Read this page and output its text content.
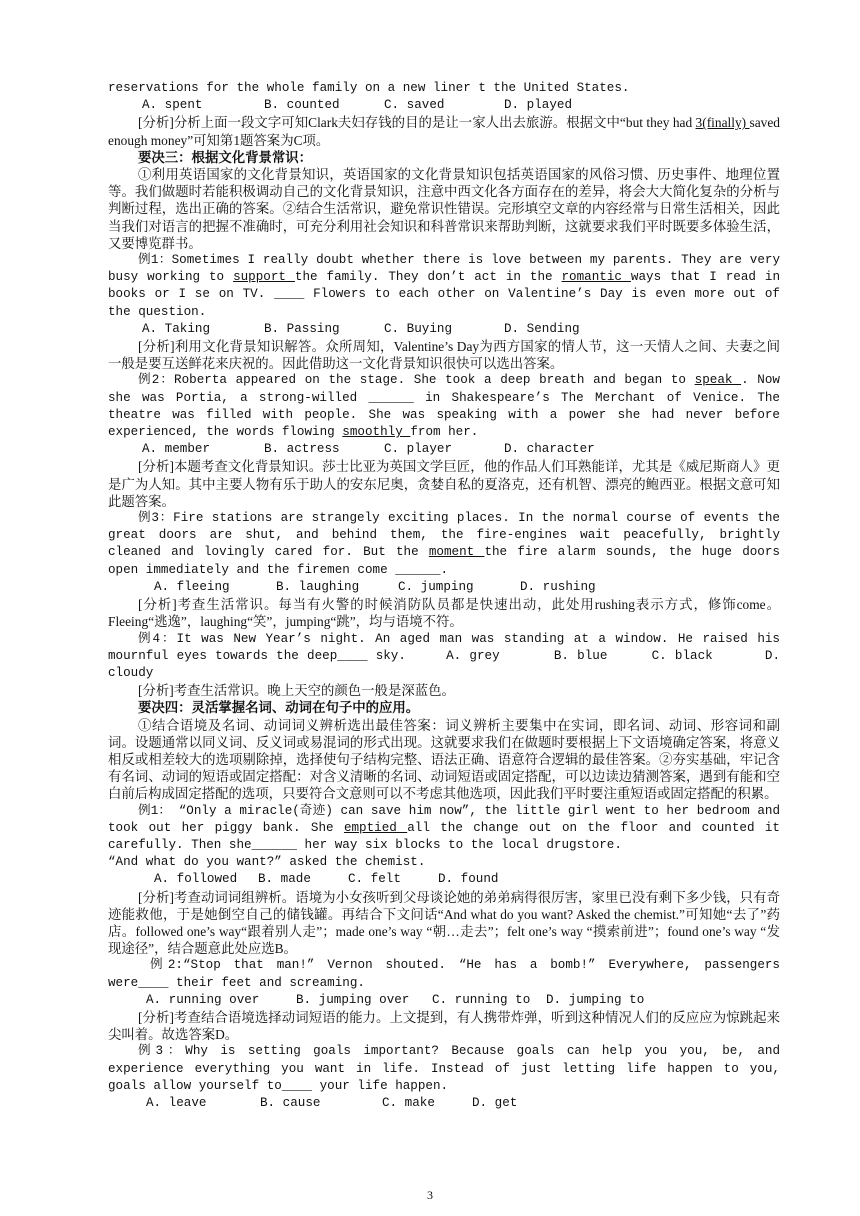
reservations for the whole family on a new liner t the United States.

A. spent	B. counted	C. saved	D. played

[分析]分析上面一段文字可知Clark夫妇存钱的目的是让一家人出去旅游。根据文中“but they had 3(finally) saved enough money”可知第1题答案为C项。

要决三：根据文化背景常识：

①利用英语国家的文化背景知识，英语国家的文化背景知识包括英语国家的风俗习惯、历史事件、地理位置等。我们做题时若能积极调动自己的文化背景知识，注意中西文化各方面存在的差异，将会大大简化复杂的分析与判断过程，选出正确的答案。②结合生活常识，避免常识性错误。完形填空文章的内容经常与日常生活相关，因此当我们对语言的把握不准确时，可充分利用社会知识和科普常识来帮助判断，这就要求我们平时既要多体验生活，又要博览群书。

例1：Sometimes I really doubt whether there is love between my parents. They are very busy working to support the family. They don’t act in the romantic ways that I read in books or I se on TV. ____ Flowers to each other on Valentine’s Day is even more out of the question.

A. Taking	B. Passing	C. Buying	D. Sending

[分析]利用文化背景知识解答。众所周知，Valentine’s Day为西方国家的情人节，这一天情人之间、夫妻之间一般是要互送鲜花来庆祝的。因此借助这一文化背景知识很快可以选出答案。

例2：Roberta appeared on the stage. She took a deep breath and began to speak . Now she was Portia, a strong-willed ______ in Shakespeare’s The Merchant of Venice. The theatre was filled with people. She was speaking with a power she had never before experienced, the words flowing smoothly from her.

A. member	B. actress	C. player	D. character

[分析]本题考查文化背景知识。莎士比亚为英国文学巨匠，他的作品人们耳熟能详，尤其是《威尼斯商人》更是广为人知。其中主要人物有乐于助人的安东尼奥，贪婪自私的夏洛克，还有机智、漂亮的鲍西亚。根据文意可知此题答案。

例3：Fire stations are strangely exciting places. In the normal course of events the great doors are shut, and behind them, the fire-engines wait peacefully, brightly cleaned and lovingly cared for. But the moment the fire alarm sounds, the huge doors open immediately and the firemen come ______.

A. fleeing	B. laughing	C. jumping	D. rushing

[分析]考查生活常识。每当有火警的时候消防队员都是快速出动，此处用rushing表示方式，修饰come。Fleeing“逃逸”，laughing“笑”，jumping“跳”，均与语境不符。

例4：It was New Year’s night. An aged man was standing at a window. He raised his mournful eyes towards the deep____ sky.	A. grey	B. blue	C. black	D. cloudy

[分析]考查生活常识。晚上天空的颜色一般是深蓝色。

要决四：灵活掌握名词、动词在句子中的应用。

①结合语境及名词、动词词义辨析选出最佳答案：词义辨析主要集中在实词，即名词、动词、形容词和副词。设题通常以同义词、反义词或易混词的形式出现。这就要求我们在做题时要根据上下文语境确定答案，将意义相反或相差较大的选项剔除掉，选择使句子结构完整、语法正确、语意符合逻辑的最佳答案。②夯实基础，牢记含有名词、动词的短语或固定搭配：对含义清晰的名词、动词短语或固定搭配，可以边读边猜测答案，遇到有能和空白前后构成固定搭配的选项，只要符合文意则可以不考虑其他选项，因此我们平时要注重短语或固定搭配的积累。

例1： “Only a miracle(奇迹) can save him now”, the little girl went to her bedroom and took out her piggy bank. She emptied all the change out on the floor and counted it carefully. Then she______ her way six blocks to the local drugstore.

“And what do you want?” asked the chemist.

A. followed	B. made	C. felt	D. found

[分析]考查动词词组辨析。语境为小女孩听到父母谈论她的弟弟病得很厉害，家里已没有剩下多少钱，只有奇迹能救他，于是她倒空自己的储钱罐。再结合下文问话“And what do you want? Asked the chemist.”可知她“去了”药店。followed one’s way“跟着别人走”；made one’s way “朝…走去”；felt one’s way “摸索前进”；found one’s way “发现途径”，结合题意此处应选B。

例2:“Stop that man!” Vernon shouted. “He has a bomb!” Everywhere, passengers were____ their feet and screaming.

A. running over	B. jumping over	C. running to	D. jumping to

[分析]考查结合语境选择动词短语的能力。上文提到，有人携带炸弹，听到这种情况人们的反应应为惊跳起来尖叫着。故选答案D。

例3：Why is setting goals important? Because goals can help you you, be, and experience everything you want in life. Instead of just letting life happen to you, goals allow yourself to____ your life happen.

A. leave	B. cause	C. make	D. get
3
